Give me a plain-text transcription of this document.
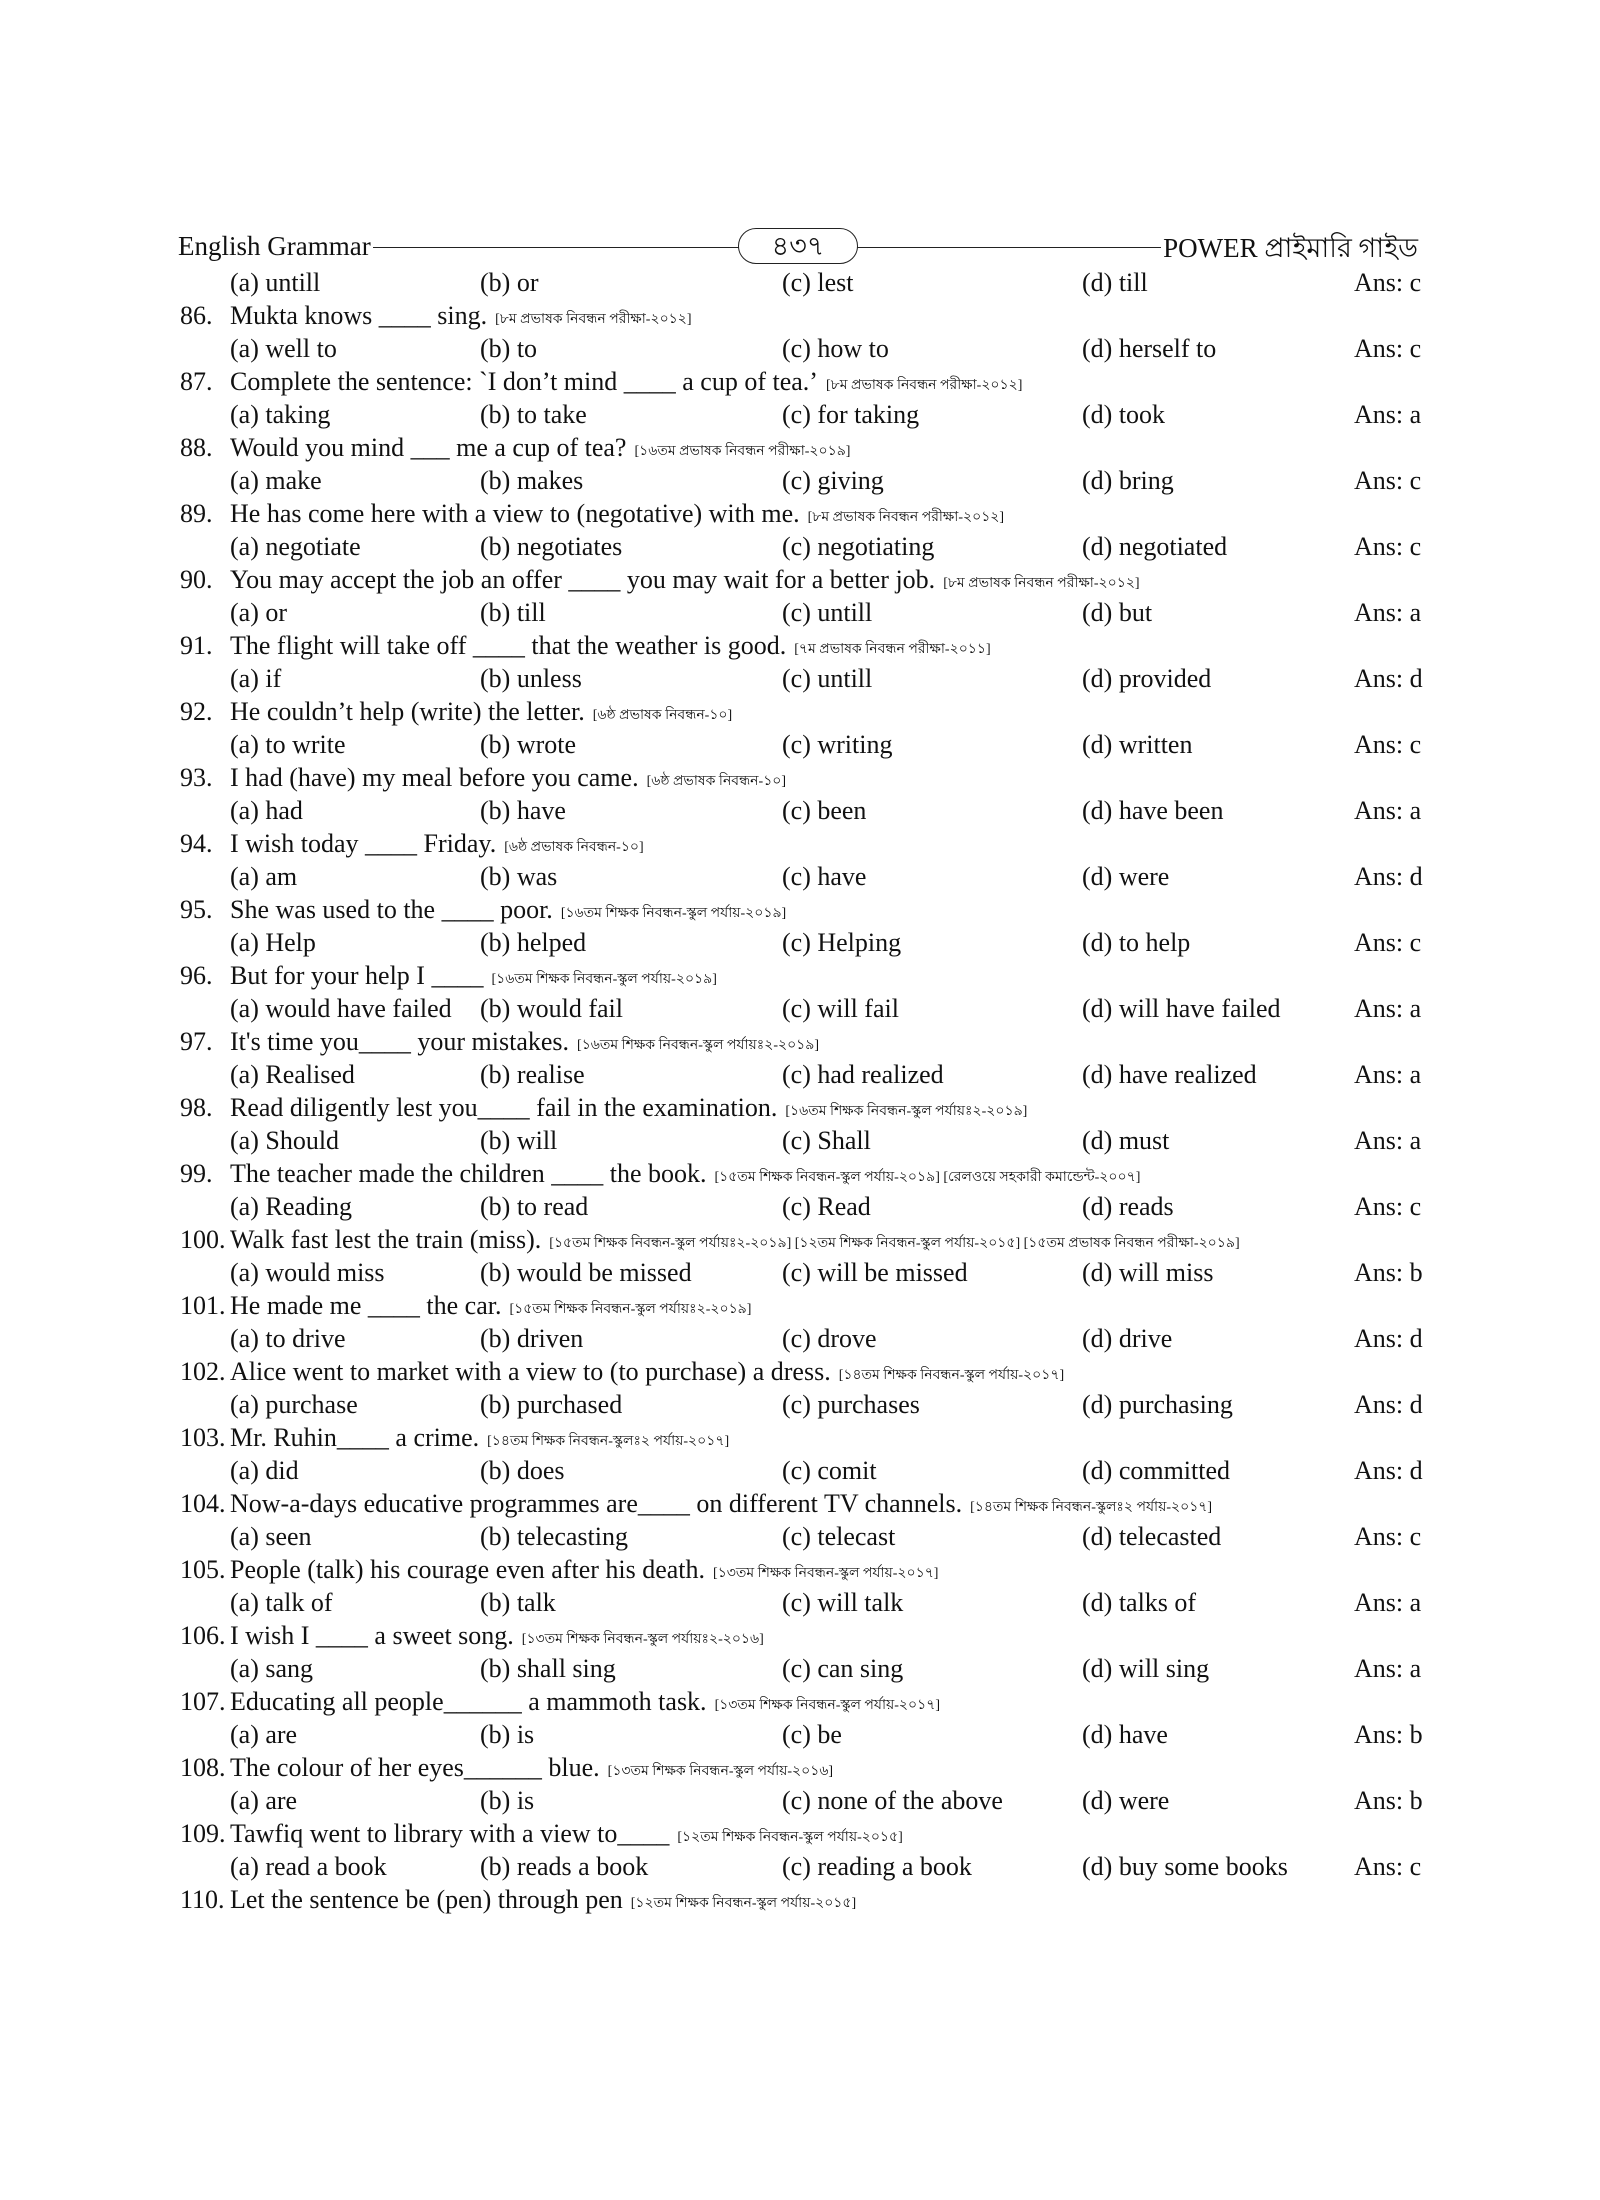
English Grammar	৪৩৭	POWER প্রাইমারি গাইড
(a) untill	(b) or	(c) lest	(d) till	Ans: c
86. Mukta knows ____ sing. [৮ম প্রভাষক নিবন্ধন পরীক্ষা-২০১২]
(a) well to	(b) to	(c) how to	(d) herself to	Ans: c
87. Complete the sentence: `I don’t mind ____ a cup of tea.’ [৮ম প্রভাষক নিবন্ধন পরীক্ষা-২০১২]
(a) taking	(b) to take	(c) for taking	(d) took	Ans: a
88. Would you mind ___ me a cup of tea? [১৬তম প্রভাষক নিবন্ধন পরীক্ষা-২০১৯]
(a) make	(b) makes	(c) giving	(d) bring	Ans: c
89. He has come here with a view to (negotative) with me. [৮ম প্রভাষক নিবন্ধন পরীক্ষা-২০১২]
(a) negotiate	(b) negotiates	(c) negotiating	(d) negotiated	Ans: c
90. You may accept the job an offer ____ you may wait for a better job. [৮ম প্রভাষক নিবন্ধন পরীক্ষা-২০১২]
(a) or	(b) till	(c) untill	(d) but	Ans: a
91. The flight will take off ____ that the weather is good. [৭ম প্রভাষক নিবন্ধন পরীক্ষা-২০১১]
(a) if	(b) unless	(c) untill	(d) provided	Ans: d
92. He couldn’t help (write) the letter. [৬ষ্ঠ প্রভাষক নিবন্ধন-১০]
(a) to write	(b) wrote	(c) writing	(d) written	Ans: c
93. I had (have) my meal before you came. [৬ষ্ঠ প্রভাষক নিবন্ধন-১০]
(a) had	(b) have	(c) been	(d) have been	Ans: a
94. I wish today ____ Friday. [৬ষ্ঠ প্রভাষক নিবন্ধন-১০]
(a) am	(b) was	(c) have	(d) were	Ans: d
95. She was used to the ____ poor. [১৬তম শিক্ষক নিবন্ধন-স্কুল পর্যায়-২০১৯]
(a) Help	(b) helped	(c) Helping	(d) to help	Ans: c
96. But for your help I ____ [১৬তম শিক্ষক নিবন্ধন-স্কুল পর্যায়-২০১৯]
(a) would have failed (b) would fail	(c) will fail	(d) will have failed	Ans: a
97. It's time you____ your mistakes. [১৬তম শিক্ষক নিবন্ধন-স্কুল পর্যায়ঃ২-২০১৯]
(a) Realised	(b) realise	(c) had realized	(d) have realized	Ans: a
98. Read diligently lest you____ fail in the examination. [১৬তম শিক্ষক নিবন্ধন-স্কুল পর্যায়ঃ২-২০১৯]
(a) Should	(b) will	(c) Shall	(d) must	Ans: a
99. The teacher made the children ____ the book. [১৫তম শিক্ষক নিবন্ধন-স্কুল পর্যায়-২০১৯] [রেলওয়ে সহকারী কমান্ডেন্ট-২০০৭]
(a) Reading	(b) to read	(c) Read	(d) reads	Ans: c
100. Walk fast lest the train (miss). [১৫তম শিক্ষক নিবন্ধন-স্কুল পর্যায়ঃ২-২০১৯] [১২তম শিক্ষক নিবন্ধন-স্কুল পর্যায়-২০১৫] [১৫তম প্রভাষক নিবন্ধন পরীক্ষা-২০১৯]
(a) would miss	(b) would be missed	(c) will be missed	(d) will miss	Ans: b
101. He made me ____ the car. [১৫তম শিক্ষক নিবন্ধন-স্কুল পর্যায়ঃ২-২০১৯]
(a) to drive	(b) driven	(c) drove	(d) drive	Ans: d
102. Alice went to market with a view to (to purchase) a dress. [১৪তম শিক্ষক নিবন্ধন-স্কুল পর্যায়-২০১৭]
(a) purchase	(b) purchased	(c) purchases	(d) purchasing	Ans: d
103. Mr. Ruhin____ a crime. [১৪তম শিক্ষক নিবন্ধন-স্কুলঃ২ পর্যায়-২০১৭]
(a) did	(b) does	(c) comit	(d) committed	Ans: d
104. Now-a-days educative programmes are____ on different TV channels. [১৪তম শিক্ষক নিবন্ধন-স্কুলঃ২ পর্যায়-২০১৭]
(a) seen	(b) telecasting	(c) telecast	(d) telecasted	Ans: c
105. People (talk) his courage even after his death. [১৩তম শিক্ষক নিবন্ধন-স্কুল পর্যায়-২০১৭]
(a) talk of	(b) talk	(c) will talk	(d) talks of	Ans: a
106. I wish I ____ a sweet song. [১৩তম শিক্ষক নিবন্ধন-স্কুল পর্যায়ঃ২-২০১৬]
(a) sang	(b) shall sing	(c) can sing	(d) will sing	Ans: a
107. Educating all people______ a mammoth task. [১৩তম শিক্ষক নিবন্ধন-স্কুল পর্যায়-২০১৭]
(a) are	(b) is	(c) be	(d) have	Ans: b
108. The colour of her eyes______ blue. [১৩তম শিক্ষক নিবন্ধন-স্কুল পর্যায়-২০১৬]
(a) are	(b) is	(c) none of the above	(d) were	Ans: b
109. Tawfiq went to library with a view to____ [১২তম শিক্ষক নিবন্ধন-স্কুল পর্যায়-২০১৫]
(a) read a book	(b) reads a book	(c) reading a book	(d) buy some books	Ans: c
110. Let the sentence be (pen) through pen [১২তম শিক্ষক নিবন্ধন-স্কুল পর্যায়-২০১৫]
